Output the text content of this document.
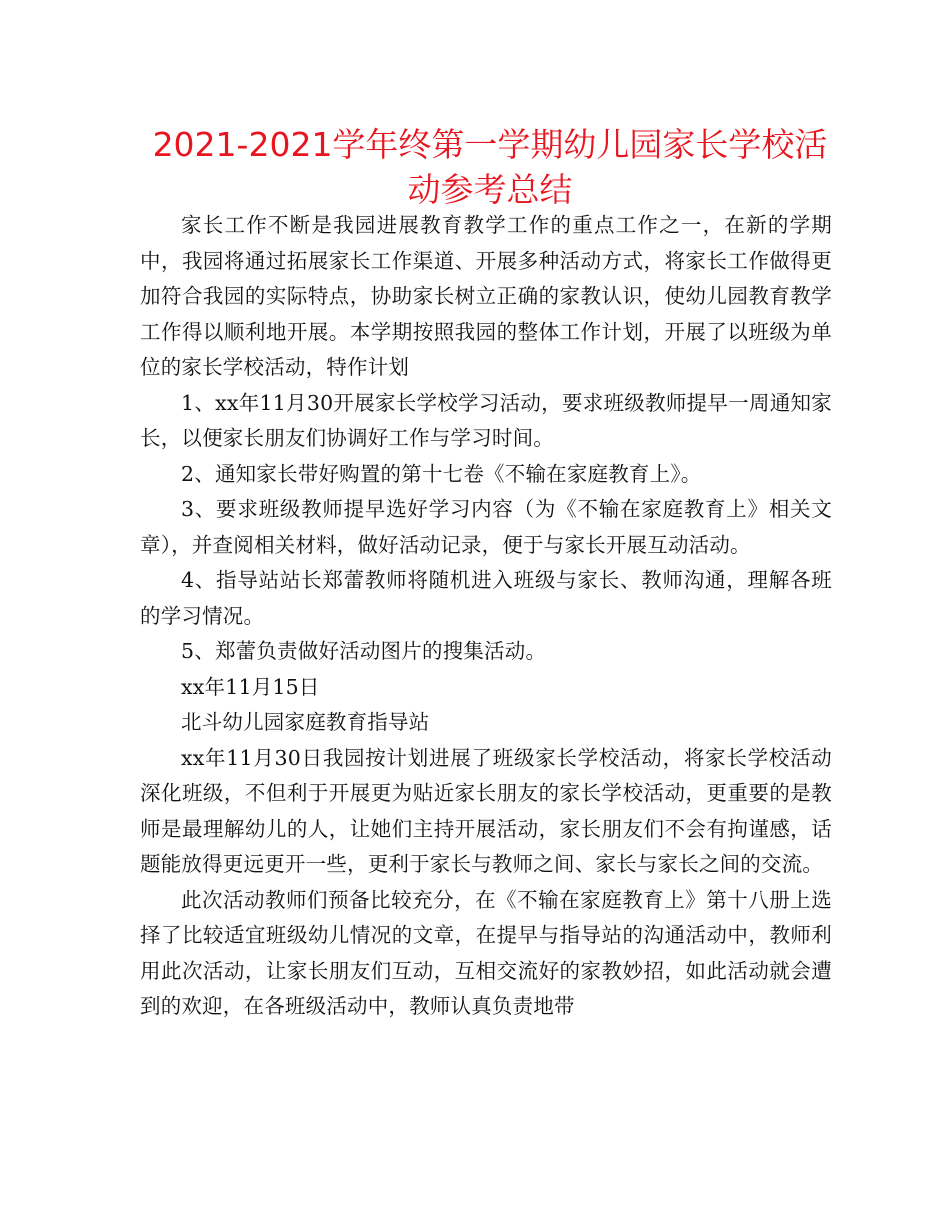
2021-2021学年终第一学期幼儿园家长学校活
动参考总结

家长工作不断是我园进展教育教学工作的重点工作之一，在新的学期中，我园将通过拓展家长工作渠道、开展多种活动方式，将家长工作做得更加符合我园的实际特点，协助家长树立正确的家教认识，使幼儿园教育教学工作得以顺利地开展。本学期按照我园的整体工作计划，开展了以班级为单位的家长学校活动，特作计划

1、xx年11月30开展家长学校学习活动，要求班级教师提早一周通知家长，以便家长朋友们协调好工作与学习时间。

2、通知家长带好购置的第十七卷《不输在家庭教育上》。

3、要求班级教师提早选好学习内容（为《不输在家庭教育上》相关文章），并查阅相关材料，做好活动记录，便于与家长开展互动活动。

4、指导站站长郑蕾教师将随机进入班级与家长、教师沟通，理解各班的学习情况。

5、郑蕾负责做好活动图片的搜集活动。

xx年11月15日

北斗幼儿园家庭教育指导站

xx年11月30日我园按计划进展了班级家长学校活动，将家长学校活动深化班级，不但利于开展更为贴近家长朋友的家长学校活动，更重要的是教师是最理解幼儿的人，让她们主持开展活动，家长朋友们不会有拘谨感，话题能放得更远更开一些，更利于家长与教师之间、家长与家长之间的交流。

此次活动教师们预备比较充分，在《不输在家庭教育上》第十八册上选择了比较适宜班级幼儿情况的文章，在提早与指导站的沟通活动中，教师利用此次活动，让家长朋友们互动，互相交流好的家教妙招，如此活动就会遭到的欢迎，在各班级活动中，教师认真负责地带
